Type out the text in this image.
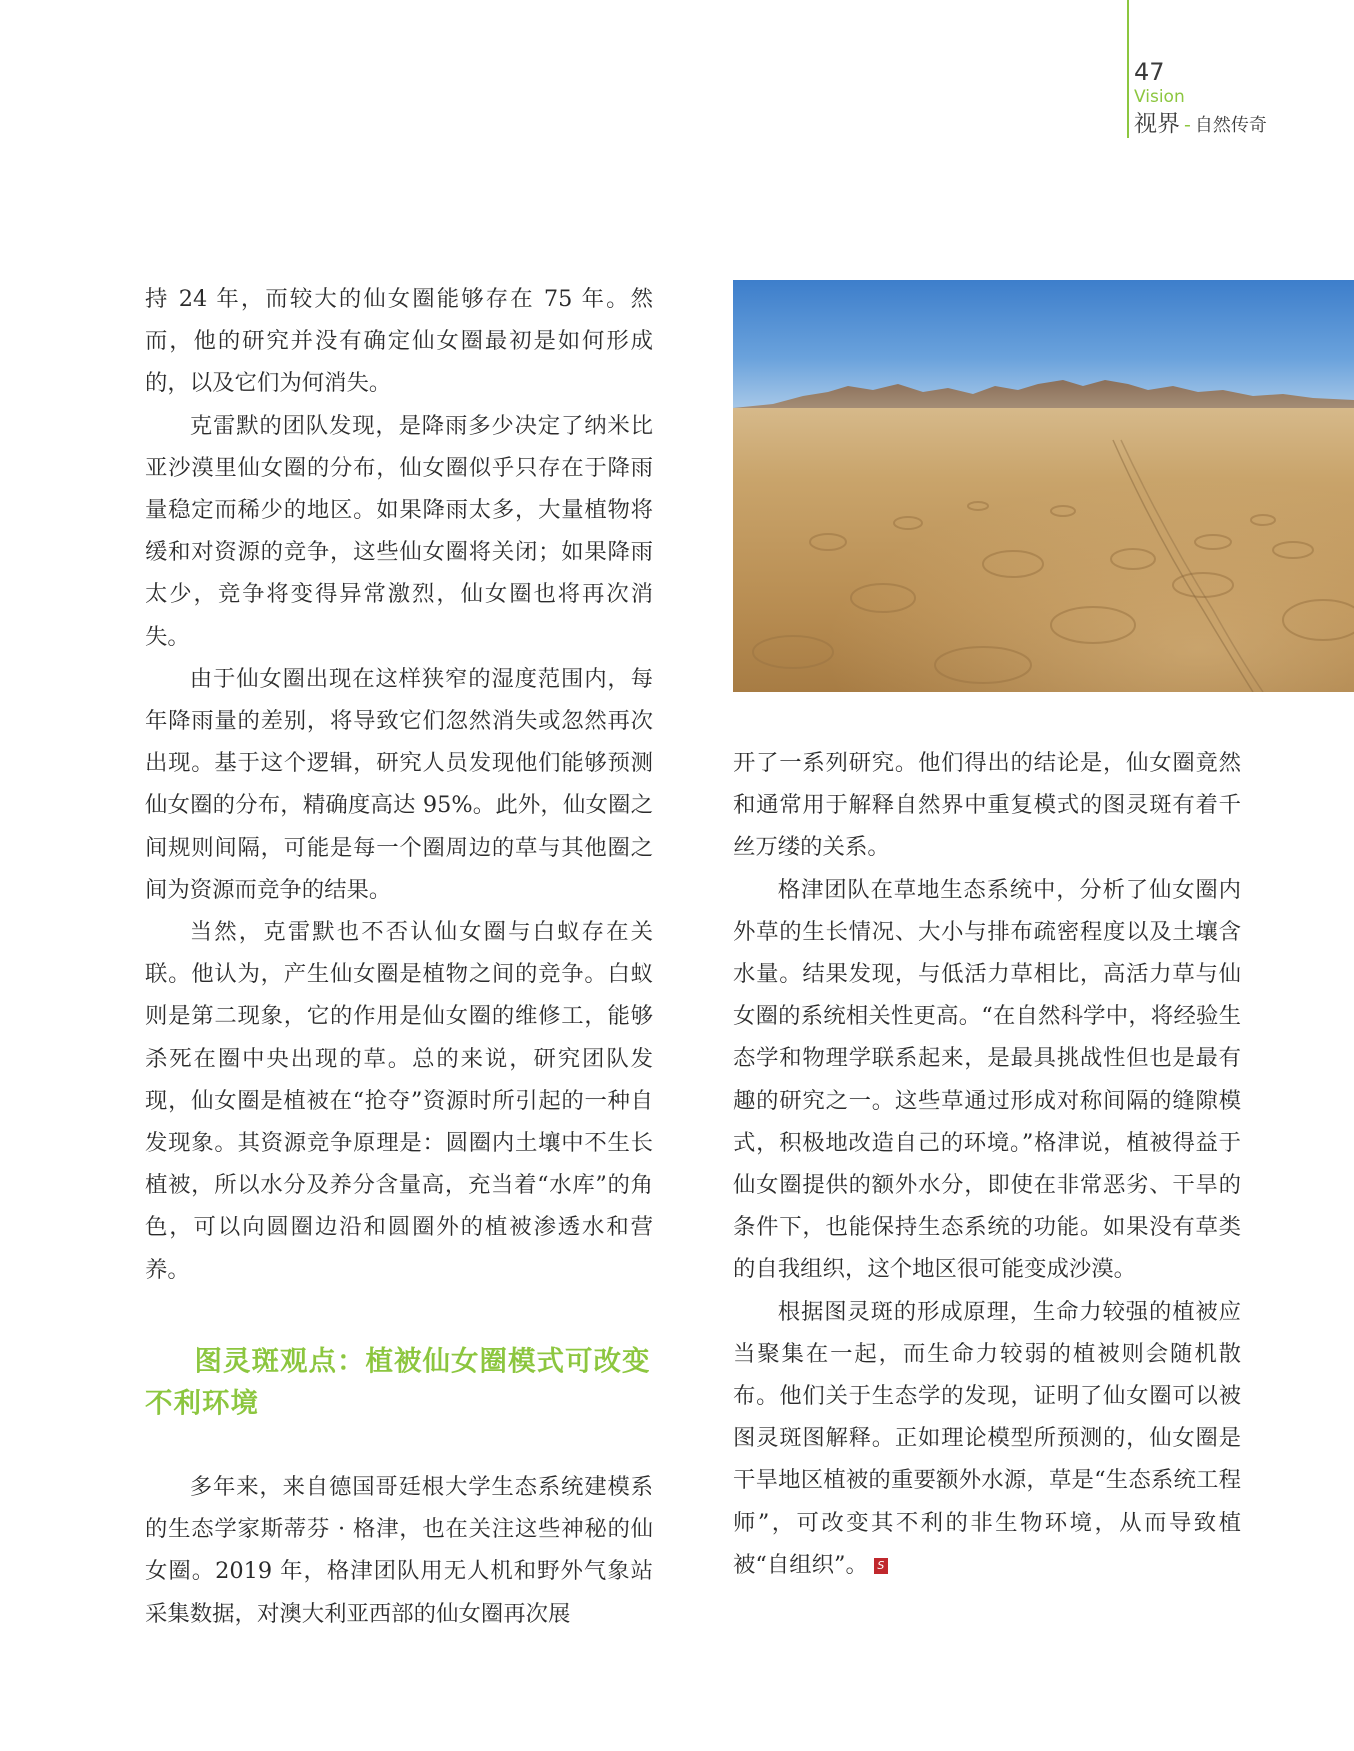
47
Vision
视界 - 自然传奇

持 24 年，而较大的仙女圈能够存在 75 年。然而，他的研究并没有确定仙女圈最初是如何形成的，以及它们为何消失。

克雷默的团队发现，是降雨多少决定了纳米比亚沙漠里仙女圈的分布，仙女圈似乎只存在于降雨量稳定而稀少的地区。如果降雨太多，大量植物将缓和对资源的竞争，这些仙女圈将关闭；如果降雨太少，竞争将变得异常激烈，仙女圈也将再次消失。

由于仙女圈出现在这样狭窄的湿度范围内，每年降雨量的差别，将导致它们忽然消失或忽然再次出现。基于这个逻辑，研究人员发现他们能够预测仙女圈的分布，精确度高达 95%。此外，仙女圈之间规则间隔，可能是每一个圈周边的草与其他圈之间为资源而竞争的结果。

当然，克雷默也不否认仙女圈与白蚁存在关联。他认为，产生仙女圈是植物之间的竞争。白蚁则是第二现象，它的作用是仙女圈的维修工，能够杀死在圈中央出现的草。总的来说，研究团队发现，仙女圈是植被在“抢夺”资源时所引起的一种自发现象。其资源竞争原理是：圆圈内土壤中不生长植被，所以水分及养分含量高，充当着“水库”的角色，可以向圆圈边沿和圆圈外的植被渗透水和营养。

图灵斑观点：植被仙女圈模式可改变不利环境

多年来，来自德国哥廷根大学生态系统建模系的生态学家斯蒂芬 · 格津，也在关注这些神秘的仙女圈。2019 年，格津团队用无人机和野外气象站采集数据，对澳大利亚西部的仙女圈再次展

开了一系列研究。他们得出的结论是，仙女圈竟然和通常用于解释自然界中重复模式的图灵斑有着千丝万缕的关系。

格津团队在草地生态系统中，分析了仙女圈内外草的生长情况、大小与排布疏密程度以及土壤含水量。结果发现，与低活力草相比，高活力草与仙女圈的系统相关性更高。“在自然科学中，将经验生态学和物理学联系起来，是最具挑战性但也是最有趣的研究之一。这些草通过形成对称间隔的缝隙模式，积极地改造自己的环境。”格津说，植被得益于仙女圈提供的额外水分，即使在非常恶劣、干旱的条件下，也能保持生态系统的功能。如果没有草类的自我组织，这个地区很可能变成沙漠。

根据图灵斑的形成原理，生命力较强的植被应当聚集在一起，而生命力较弱的植被则会随机散布。他们关于生态学的发现，证明了仙女圈可以被图灵斑图解释。正如理论模型所预测的，仙女圈是干旱地区植被的重要额外水源，草是“生态系统工程师”，可改变其不利的非生物环境，从而导致植被“自组织”。 S
